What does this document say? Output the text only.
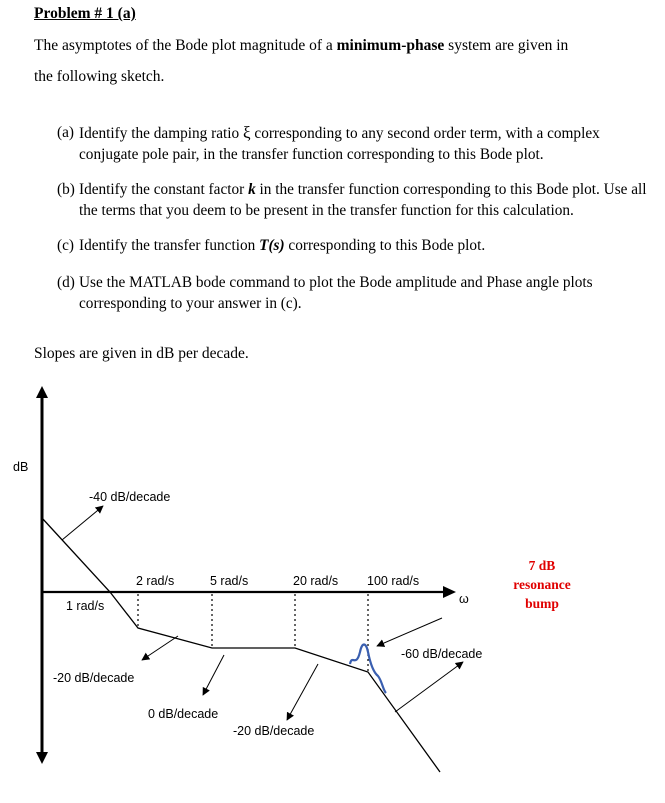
Problem # 1 (a)
The asymptotes of the Bode plot magnitude of a minimum-phase system are given in
the following sketch.
(a) Identify the damping ratio ξ corresponding to any second order term, with a complex conjugate pole pair, in the transfer function corresponding to this Bode plot.
(b) Identify the constant factor k in the transfer function corresponding to this Bode plot. Use all the terms that you deem to be present in the transfer function for this calculation.
(c) Identify the transfer function T(s) corresponding to this Bode plot.
(d) Use the MATLAB bode command to plot the Bode amplitude and Phase angle plots corresponding to your answer in (c).
Slopes are given in dB per decade.
dB
ω
-40 dB/decade
1 rad/s
2 rad/s	5 rad/s	20 rad/s 100 rad/s
-20 dB/decade
0 dB/decade
-20 dB/decade
-60 dB/decade
7 dB
resonance
bump
